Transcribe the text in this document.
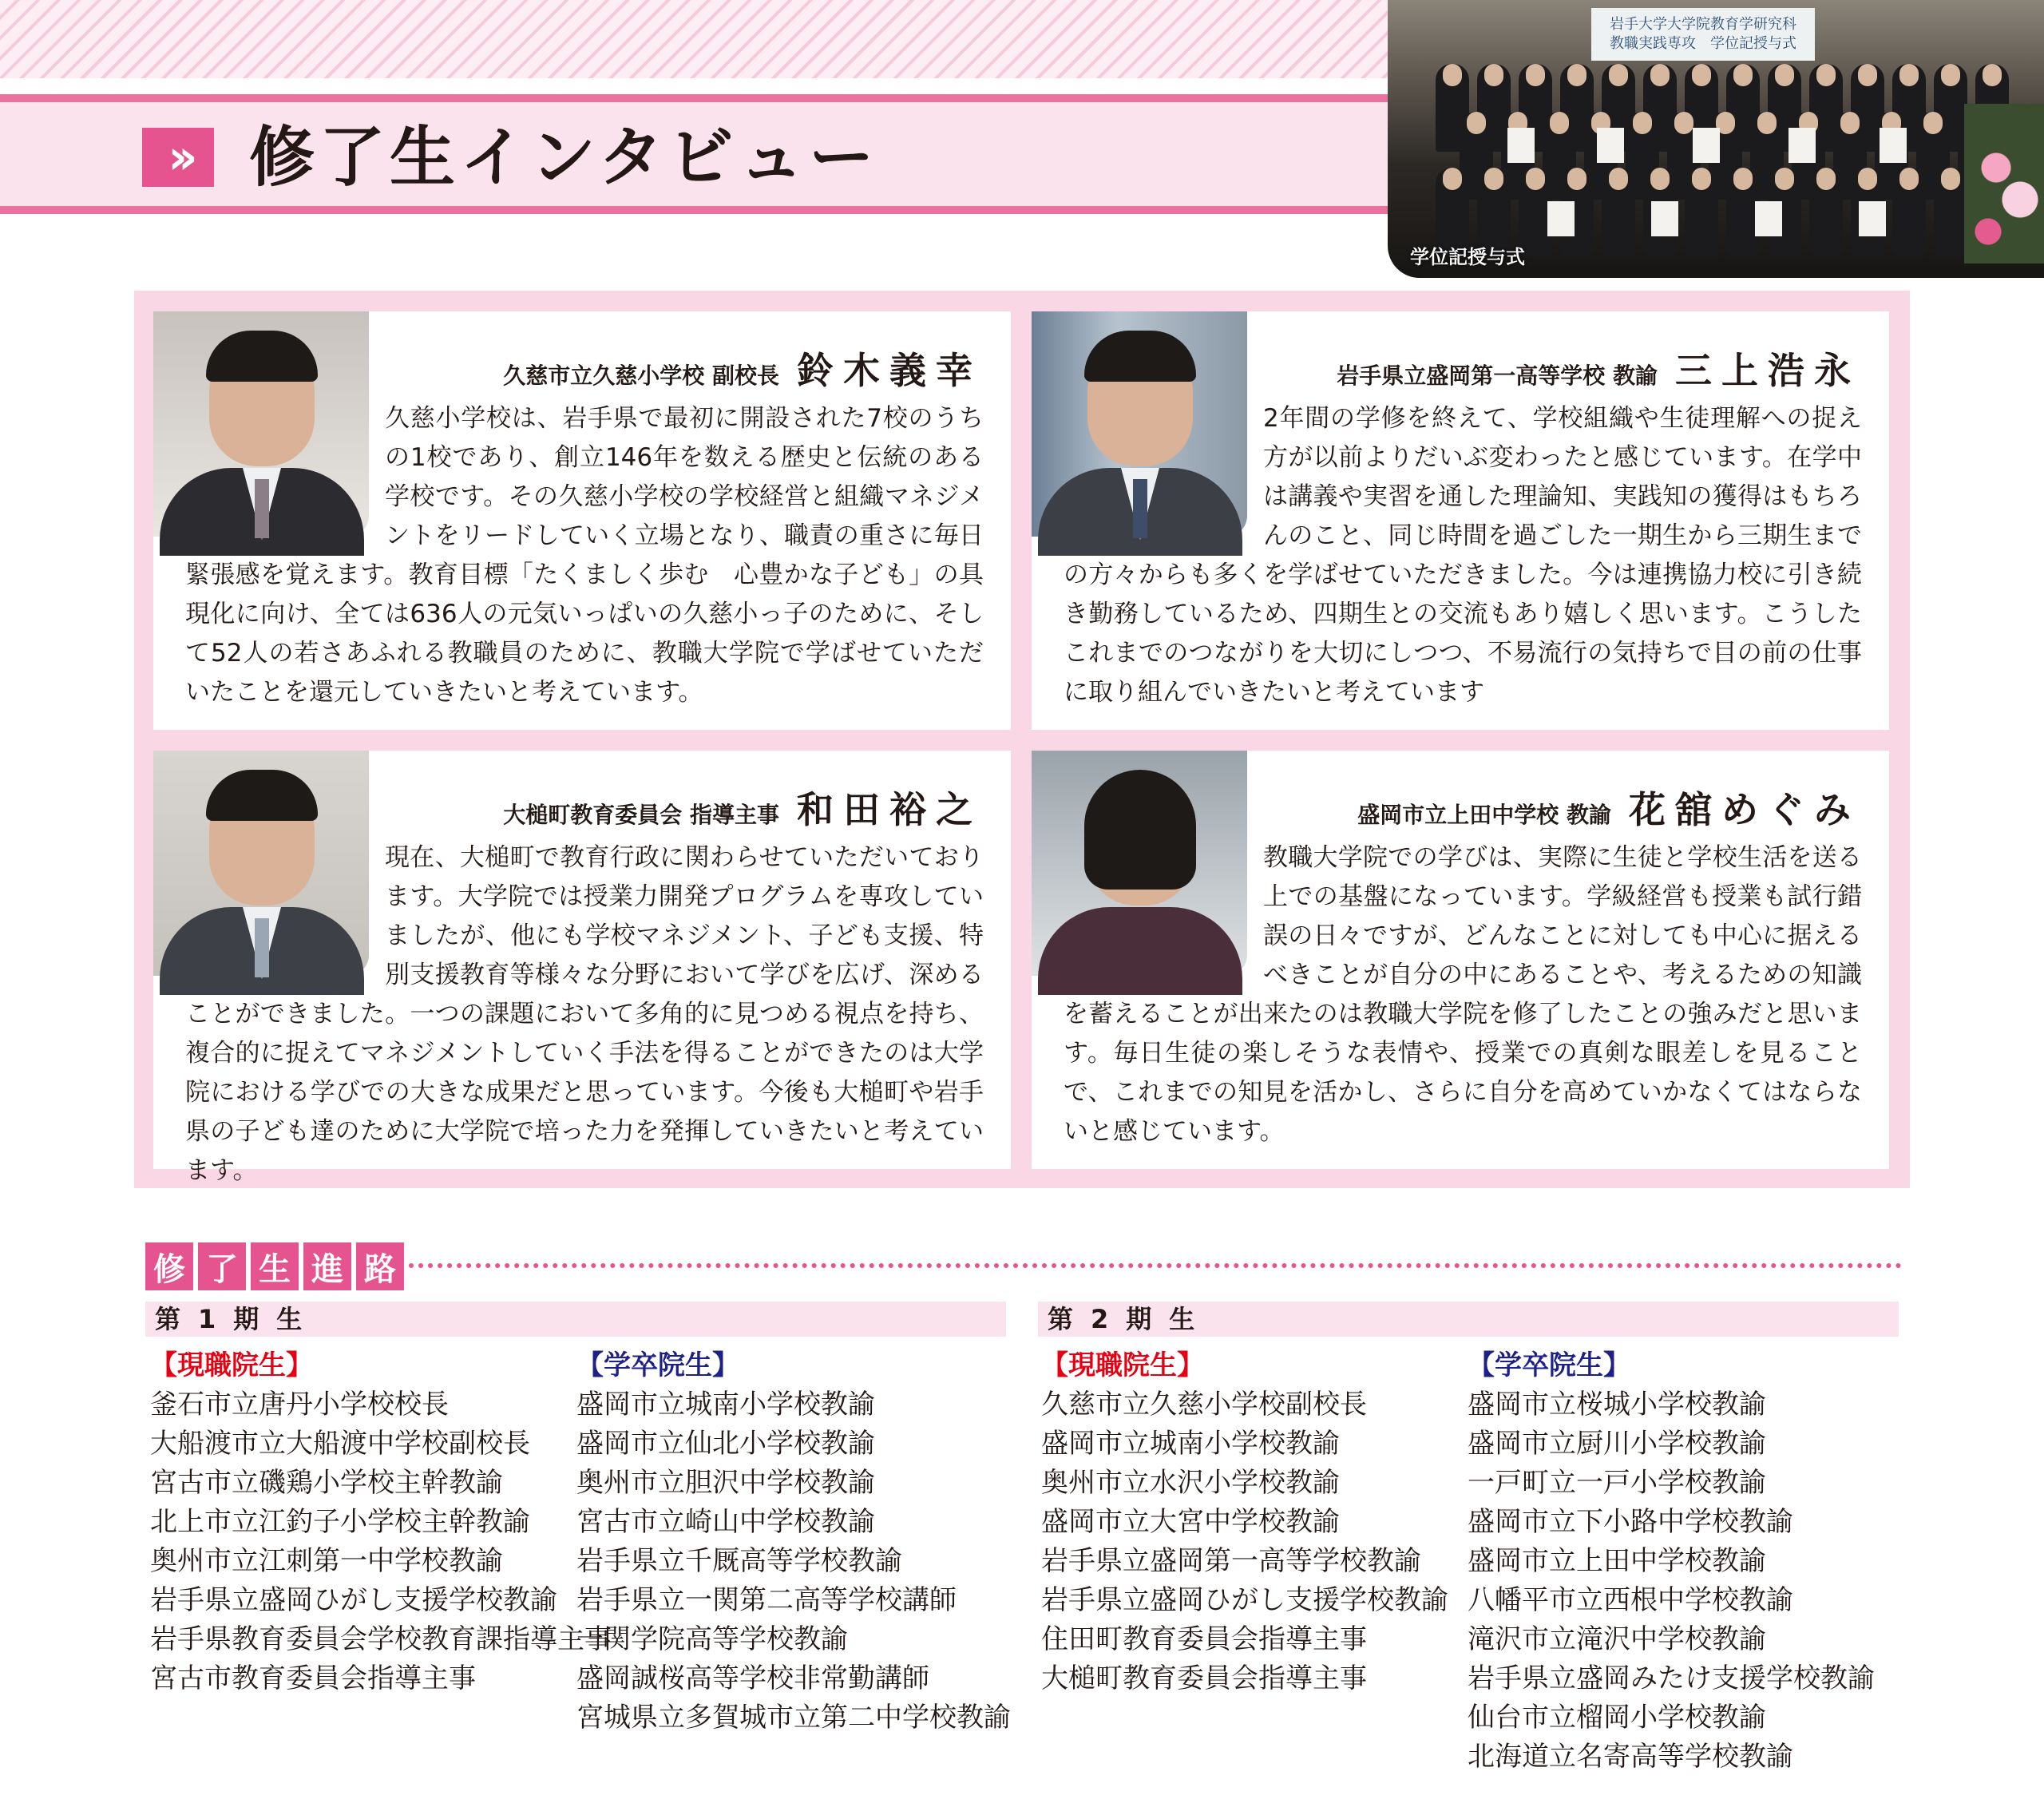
›› 修了生インタビュー
岩手大学大学院教育学研究科
教職実践専攻　学位記授与式
学位記授与式
久慈市立久慈小学校 副校長 鈴木義幸
久慈小学校は、岩手県で最初に開設された7校のうちの1校であり、創立146年を数える歴史と伝統のある学校です。その久慈小学校の学校経営と組織マネジメントをリードしていく立場となり、職責の重さに毎日緊張感を覚えます。教育目標「たくましく歩む　心豊かな子ども」の具現化に向け、全ては636人の元気いっぱいの久慈小っ子のために、そして52人の若さあふれる教職員のために、教職大学院で学ばせていただいたことを還元していきたいと考えています。
岩手県立盛岡第一高等学校 教諭 三上浩永
2年間の学修を終えて、学校組織や生徒理解への捉え方が以前よりだいぶ変わったと感じています。在学中は講義や実習を通した理論知、実践知の獲得はもちろんのこと、同じ時間を過ごした一期生から三期生までの方々からも多くを学ばせていただきました。今は連携協力校に引き続き勤務しているため、四期生との交流もあり嬉しく思います。こうしたこれまでのつながりを大切にしつつ、不易流行の気持ちで目の前の仕事に取り組んでいきたいと考えています
大槌町教育委員会 指導主事 和田裕之
現在、大槌町で教育行政に関わらせていただいております。大学院では授業力開発プログラムを専攻していましたが、他にも学校マネジメント、子ども支援、特別支援教育等様々な分野において学びを広げ、深めることができました。一つの課題において多角的に見つめる視点を持ち、複合的に捉えてマネジメントしていく手法を得ることができたのは大学院における学びでの大きな成果だと思っています。今後も大槌町や岩手県の子ども達のために大学院で培った力を発揮していきたいと考えています。
盛岡市立上田中学校 教諭 花舘めぐみ
教職大学院での学びは、実際に生徒と学校生活を送る上での基盤になっています。学級経営も授業も試行錯誤の日々ですが、どんなことに対しても中心に据えるべきことが自分の中にあることや、考えるための知識を蓄えることが出来たのは教職大学院を修了したことの強みだと思います。毎日生徒の楽しそうな表情や、授業での真剣な眼差しを見ることで、これまでの知見を活かし、さらに自分を高めていかなくてはならないと感じています。
修 了 生 進 路
第1期生	第2期生
【現職院生】
釜石市立唐丹小学校校長
大船渡市立大船渡中学校副校長
宮古市立磯鶏小学校主幹教諭
北上市立江釣子小学校主幹教諭
奥州市立江刺第一中学校教諭
岩手県立盛岡ひがし支援学校教諭
岩手県教育委員会学校教育課指導主事
宮古市教育委員会指導主事
【学卒院生】
盛岡市立城南小学校教諭
盛岡市立仙北小学校教諭
奥州市立胆沢中学校教諭
宮古市立崎山中学校教諭
岩手県立千厩高等学校教諭
岩手県立一関第二高等学校講師
一関学院高等学校教諭
盛岡誠桜高等学校非常勤講師
宮城県立多賀城市立第二中学校教諭
【現職院生】
久慈市立久慈小学校副校長
盛岡市立城南小学校教諭
奥州市立水沢小学校教諭
盛岡市立大宮中学校教諭
岩手県立盛岡第一高等学校教諭
岩手県立盛岡ひがし支援学校教諭
住田町教育委員会指導主事
大槌町教育委員会指導主事
【学卒院生】
盛岡市立桜城小学校教諭
盛岡市立厨川小学校教諭
一戸町立一戸小学校教諭
盛岡市立下小路中学校教諭
盛岡市立上田中学校教諭
八幡平市立西根中学校教諭
滝沢市立滝沢中学校教諭
岩手県立盛岡みたけ支援学校教諭
仙台市立榴岡小学校教諭
北海道立名寄高等学校教諭
